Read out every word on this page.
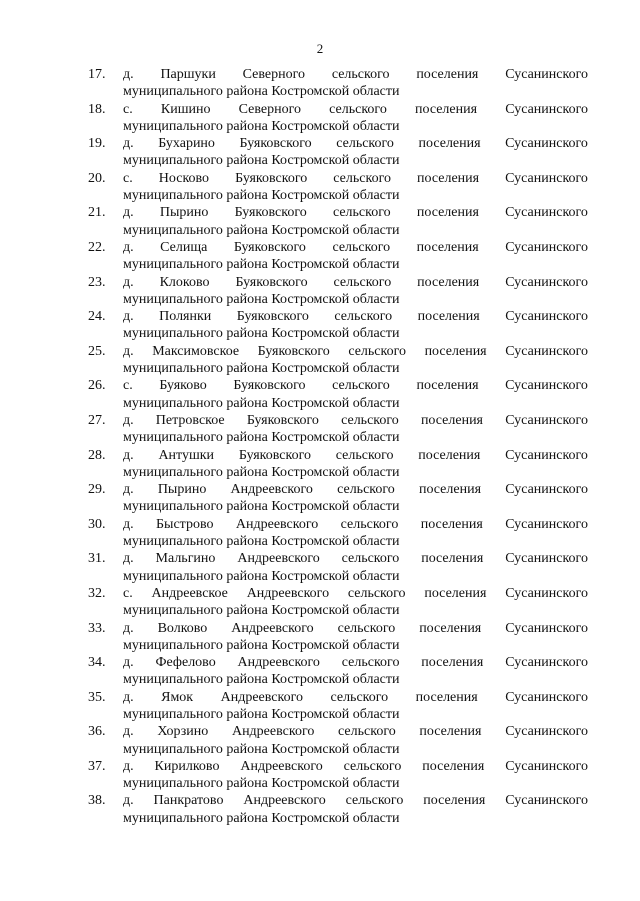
2
17.	д. Паршуки Северного сельского поселения Сусанинского
муниципального района Костромской области
18.	с. Кишино Северного сельского поселения Сусанинского
муниципального района Костромской области
19.	д. Бухарино Буяковского сельского поселения Сусанинского
муниципального района Костромской области
20.	с. Носково Буяковского сельского поселения Сусанинского
муниципального района Костромской области
21.	д. Пырино Буяковского сельского поселения Сусанинского
муниципального района Костромской области
22.	д. Селища Буяковского сельского поселения Сусанинского
муниципального района Костромской области
23.	д. Клоково Буяковского сельского поселения Сусанинского
муниципального района Костромской области
24.	д. Полянки Буяковского сельского поселения Сусанинского
муниципального района Костромской области
25.	д. Максимовское Буяковского сельского поселения Сусанинского
муниципального района Костромской области
26.	с. Буяково Буяковского сельского поселения Сусанинского
муниципального района Костромской области
27.	д. Петровское Буяковского сельского поселения Сусанинского
муниципального района Костромской области
28.	д. Антушки Буяковского сельского поселения Сусанинского
муниципального района Костромской области
29.	д. Пырино Андреевского сельского поселения Сусанинского
муниципального района Костромской области
30.	д. Быстрово Андреевского сельского поселения Сусанинского
муниципального района Костромской области
31.	д. Мальгино Андреевского сельского поселения Сусанинского
муниципального района Костромской области
32.	с. Андреевское Андреевского сельского поселения Сусанинского
муниципального района Костромской области
33.	д. Волково Андреевского сельского поселения Сусанинского
муниципального района Костромской области
34.	д. Фефелово Андреевского сельского поселения Сусанинского
муниципального района Костромской области
35.	д. Ямок Андреевского сельского поселения Сусанинского
муниципального района Костромской области
36.	д. Хорзино Андреевского сельского поселения Сусанинского
муниципального района Костромской области
37.	д. Кирилково Андреевского сельского поселения Сусанинского
муниципального района Костромской области
38.	д. Панкратово Андреевского сельского поселения Сусанинского
муниципального района Костромской области
